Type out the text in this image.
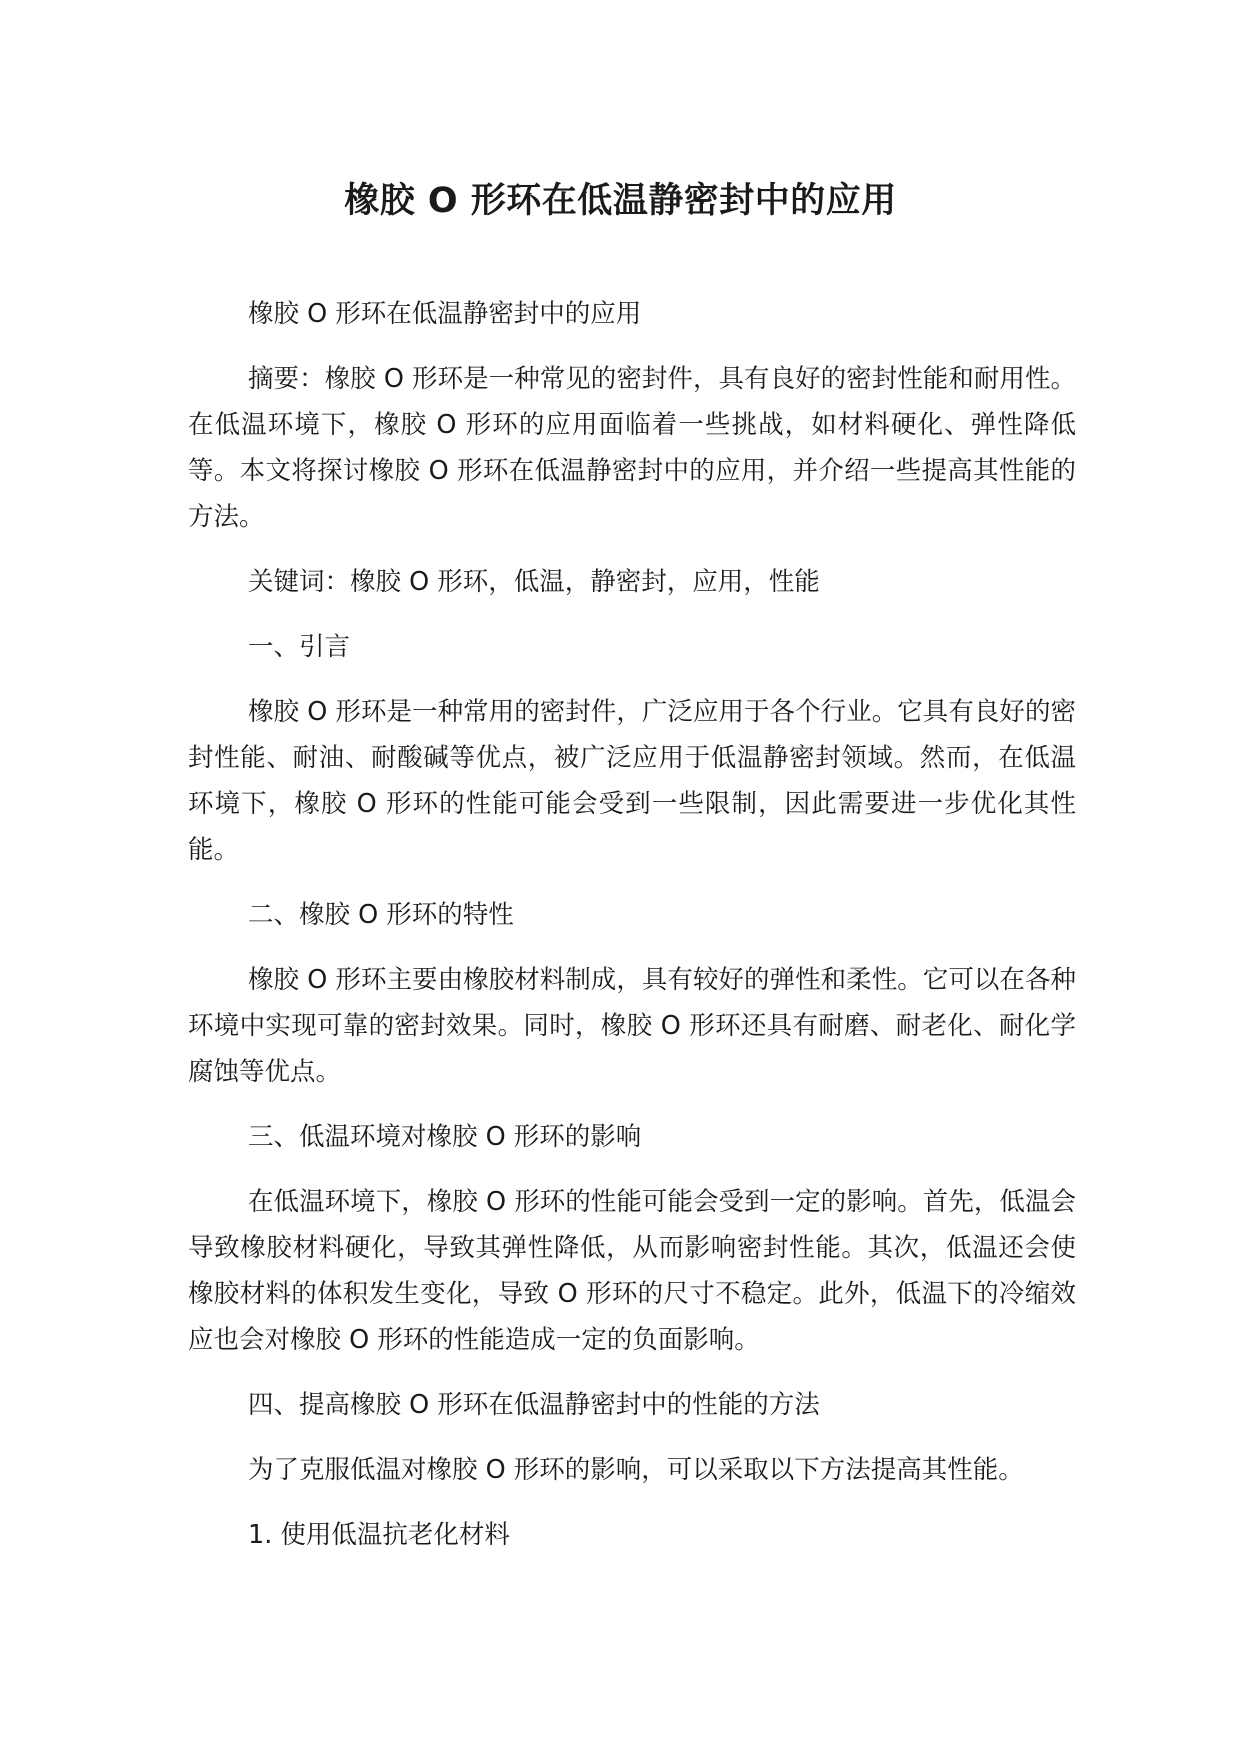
橡胶 O 形环在低温静密封中的应用

橡胶 O 形环在低温静密封中的应用

摘要：橡胶 O 形环是一种常见的密封件，具有良好的密封性能和耐用性。在低温环境下，橡胶 O 形环的应用面临着一些挑战，如材料硬化、弹性降低等。本文将探讨橡胶 O 形环在低温静密封中的应用，并介绍一些提高其性能的方法。

关键词：橡胶 O 形环，低温，静密封，应用，性能

一、引言

橡胶 O 形环是一种常用的密封件，广泛应用于各个行业。它具有良好的密封性能、耐油、耐酸碱等优点，被广泛应用于低温静密封领域。然而，在低温环境下，橡胶 O 形环的性能可能会受到一些限制，因此需要进一步优化其性能。

二、橡胶 O 形环的特性

橡胶 O 形环主要由橡胶材料制成，具有较好的弹性和柔性。它可以在各种环境中实现可靠的密封效果。同时，橡胶 O 形环还具有耐磨、耐老化、耐化学腐蚀等优点。

三、低温环境对橡胶 O 形环的影响

在低温环境下，橡胶 O 形环的性能可能会受到一定的影响。首先，低温会导致橡胶材料硬化，导致其弹性降低，从而影响密封性能。其次，低温还会使橡胶材料的体积发生变化，导致 O 形环的尺寸不稳定。此外，低温下的冷缩效应也会对橡胶 O 形环的性能造成一定的负面影响。

四、提高橡胶 O 形环在低温静密封中的性能的方法

为了克服低温对橡胶 O 形环的影响，可以采取以下方法提高其性能。

1. 使用低温抗老化材料
